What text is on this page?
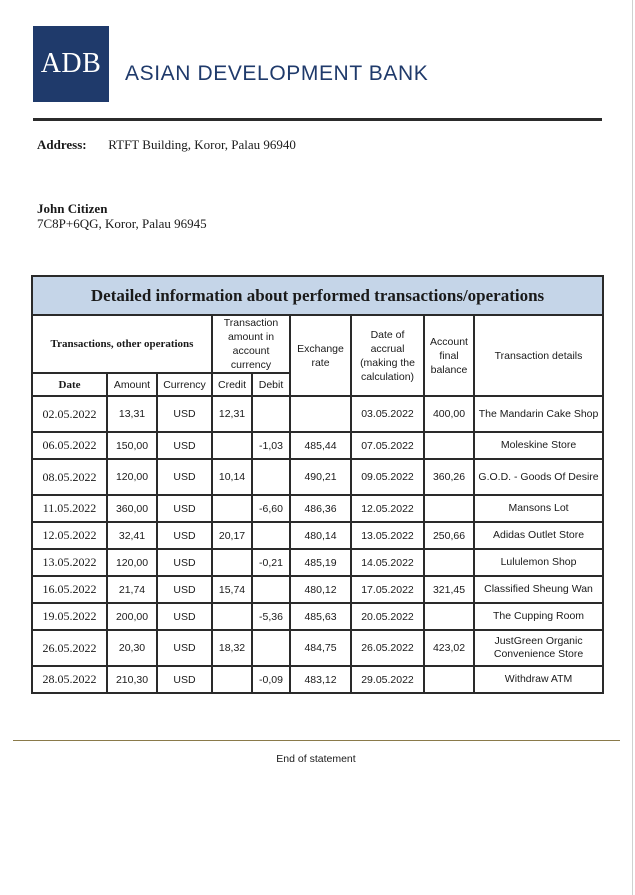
ADB ASIAN DEVELOPMENT BANK
Address: RTFT Building, Koror, Palau 96940
John Citizen
7C8P+6QG, Koror, Palau 96945
Detailed information about performed transactions/operations								
Transactions, other operations			Transaction amount in account currency		Exchange rate	Date of accrual (making the calculation)	Account final balance	Transaction details
Date	Amount	Currency	Credit	Debit				
02.05.2022	13,31	USD	12,31			03.05.2022	400,00	The Mandarin Cake Shop
06.05.2022	150,00	USD		-1,03	485,44	07.05.2022		Moleskine Store
08.05.2022	120,00	USD	10,14		490,21	09.05.2022	360,26	G.O.D. - Goods Of Desire
11.05.2022	360,00	USD		-6,60	486,36	12.05.2022		Mansons Lot
12.05.2022	32,41	USD	20,17		480,14	13.05.2022	250,66	Adidas Outlet Store
13.05.2022	120,00	USD		-0,21	485,19	14.05.2022		Lululemon Shop
16.05.2022	21,74	USD	15,74		480,12	17.05.2022	321,45	Classified Sheung Wan
19.05.2022	200,00	USD		-5,36	485,63	20.05.2022		The Cupping Room
26.05.2022	20,30	USD	18,32		484,75	26.05.2022	423,02	JustGreen Organic Convenience Store
28.05.2022	210,30	USD		-0,09	483,12	29.05.2022		Withdraw ATM
End of statement
